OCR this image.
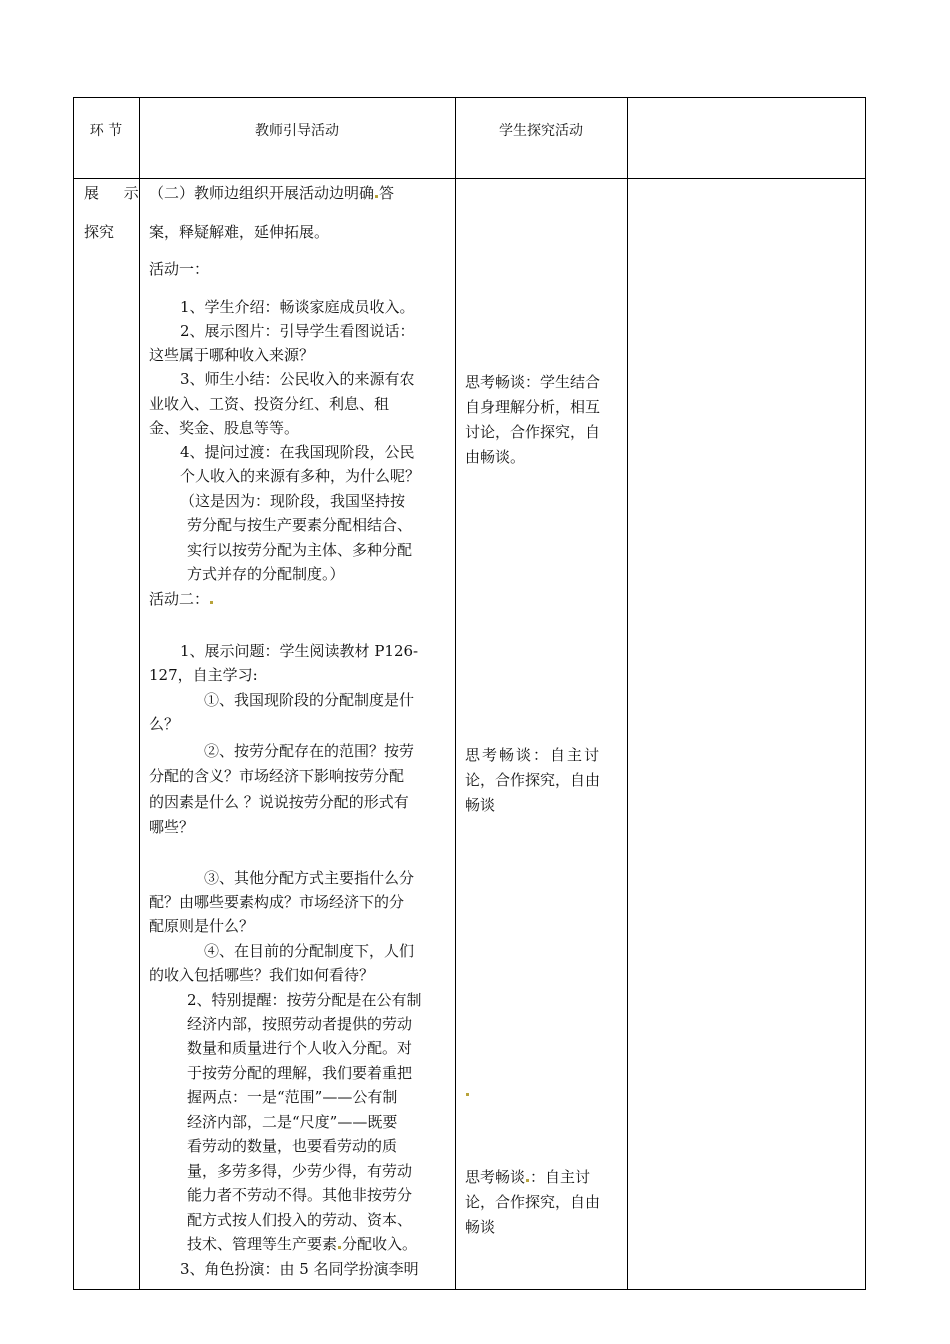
环 节	教师引导活动	学生探究活动
展 示
探究
（二）教师边组织开展活动边明确 答
案，释疑解难，延伸拓展。
活动一：
1、学生介绍：畅谈家庭成员收入。
2、展示图片：引导学生看图说话：
这些属于哪种收入来源？
3、师生小结：公民收入的来源有农
业收入、工资、投资分红、利息、租
金、奖金、股息等等。
4、提问过渡：在我国现阶段，公民
个人收入的来源有多种，为什么呢？
（这是因为：现阶段，我国坚持按
劳分配与按生产要素分配相结合、
实行以按劳分配为主体、多种分配
方式并存的分配制度。）
活动二：
1、展示问题：学生阅读教材 P126-
127，自主学习:
①、我国现阶段的分配制度是什
么？
②、按劳分配存在的范围？按劳
分配的含义？市场经济下影响按劳分配
的因素是什么 ？说说按劳分配的形式有
哪些？
③、其他分配方式主要指什么分
配？由哪些要素构成？市场经济下的分
配原则是什么？
④、在目前的分配制度下，人们
的收入包括哪些？我们如何看待？
2、特别提醒：按劳分配是在公有制
经济内部，按照劳动者提供的劳动
数量和质量进行个人收入分配。对
于按劳分配的理解，我们要着重把
握两点：一是“范围”——公有制
经济内部，二是“尺度”——既要
看劳动的数量，也要看劳动的质
量，多劳多得，少劳少得，有劳动
能力者不劳动不得。其他非按劳分
配方式按人们投入的劳动、资本、
技术、管理等生产要素 分配收入。
3、角色扮演：由 5 名同学扮演李明
思考畅谈：学生结合
自身理解分析，相互
讨论，合作探究，自
由畅谈。
思考畅谈：自主讨
论，合作探究，自由
畅谈
思考畅谈 ：自主讨
论，合作探究，自由
畅谈
